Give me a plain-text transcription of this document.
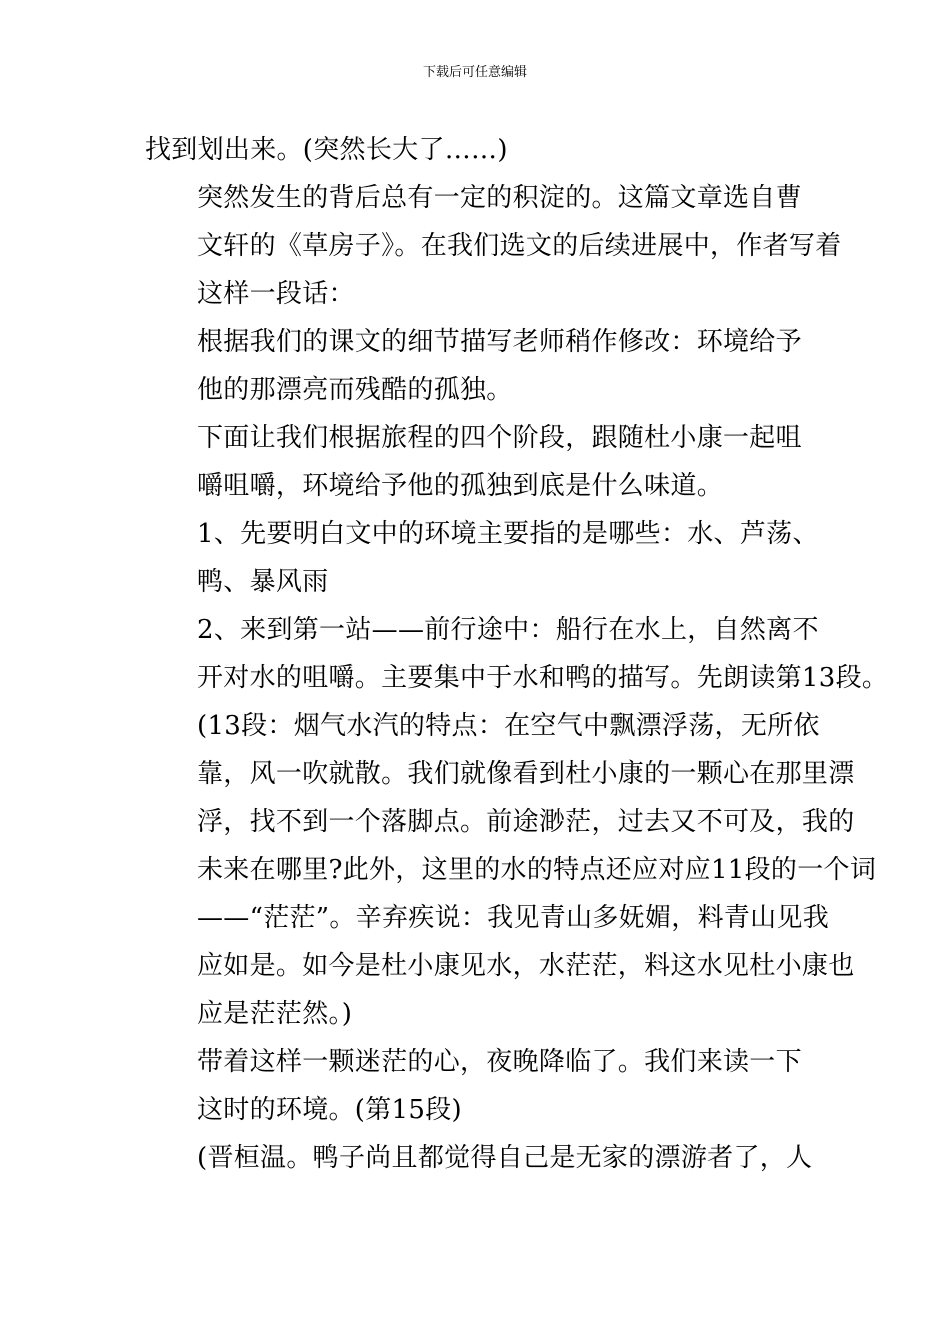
下载后可任意编辑

找到划出来。(突然长大了……)

突然发生的背后总有一定的积淀的。这篇文章选自曹
文轩的《草房子》。在我们选文的后续进展中，作者写着
这样一段话：

根据我们的课文的细节描写老师稍作修改：环境给予
他的那漂亮而残酷的孤独。

下面让我们根据旅程的四个阶段，跟随杜小康一起咀
嚼咀嚼，环境给予他的孤独到底是什么味道。

1、先要明白文中的环境主要指的是哪些：水、芦荡、
鸭、暴风雨

2、来到第一站——前行途中：船行在水上，自然离不
开对水的咀嚼。主要集中于水和鸭的描写。先朗读第13段。

(13段：烟气水汽的特点：在空气中飘漂浮荡，无所依
靠，风一吹就散。我们就像看到杜小康的一颗心在那里漂
浮，找不到一个落脚点。前途渺茫，过去又不可及，我的
未来在哪里?此外，这里的水的特点还应对应11段的一个词
——“茫茫”。辛弃疾说：我见青山多妩媚，料青山见我
应如是。如今是杜小康见水，水茫茫，料这水见杜小康也
应是茫茫然。)

带着这样一颗迷茫的心，夜晚降临了。我们来读一下
这时的环境。(第15段)

(晋桓温。鸭子尚且都觉得自己是无家的漂游者了，人
